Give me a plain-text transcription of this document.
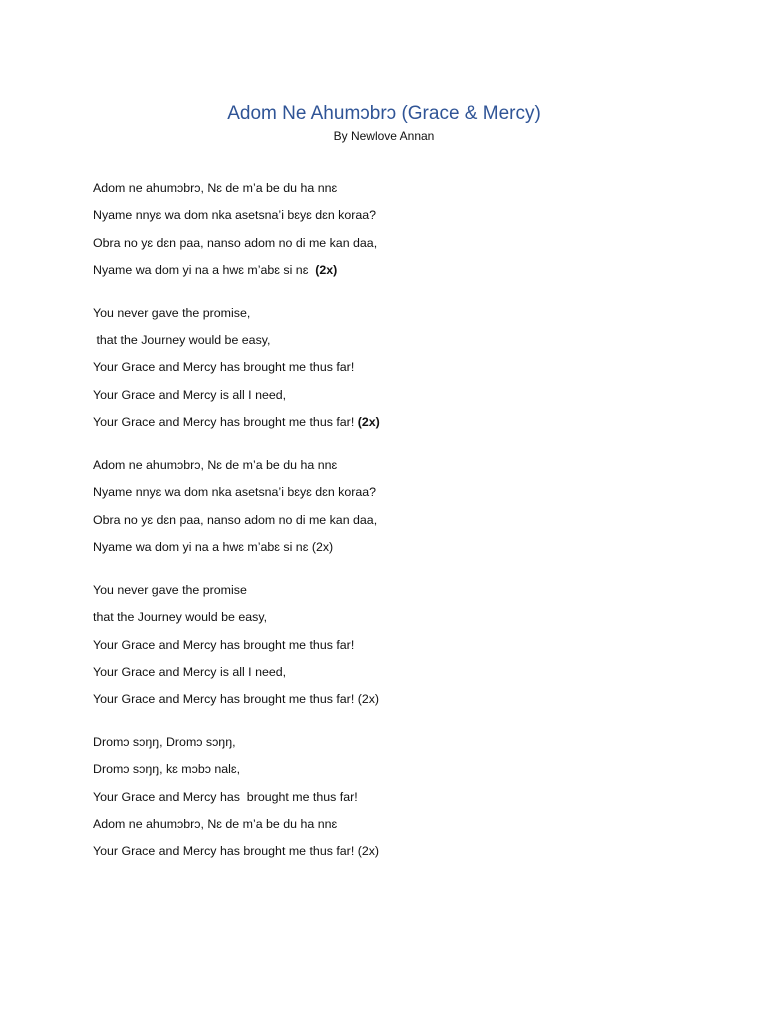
Adom Ne Ahumɔbrɔ (Grace & Mercy)
By Newlove Annan
Adom ne ahumɔbrɔ, Nɛ de m’a be du ha nnɛ
Nyame nnyɛ wa dom nka asetsna’i bɛyɛ dɛn koraa?
Obra no yɛ dɛn paa, nanso adom no di me kan daa,
Nyame wa dom yi na a hwɛ m’abɛ si nɛ  (2x)
You never gave the promise,
that the Journey would be easy,
Your Grace and Mercy has brought me thus far!
Your Grace and Mercy is all I need,
Your Grace and Mercy has brought me thus far! (2x)
Adom ne ahumɔbrɔ, Nɛ de m’a be du ha nnɛ
Nyame nnyɛ wa dom nka asetsna’i bɛyɛ dɛn koraa?
Obra no yɛ dɛn paa, nanso adom no di me kan daa,
Nyame wa dom yi na a hwɛ m’abɛ si nɛ (2x)
You never gave the promise
that the Journey would be easy,
Your Grace and Mercy has brought me thus far!
Your Grace and Mercy is all I need,
Your Grace and Mercy has brought me thus far! (2x)
Dromɔ sɔŋŋ, Dromɔ sɔŋŋ,
Dromɔ sɔŋŋ, kɛ mɔbɔ nalɛ,
Your Grace and Mercy has  brought me thus far!
Adom ne ahumɔbrɔ, Nɛ de m’a be du ha nnɛ
Your Grace and Mercy has brought me thus far! (2x)
